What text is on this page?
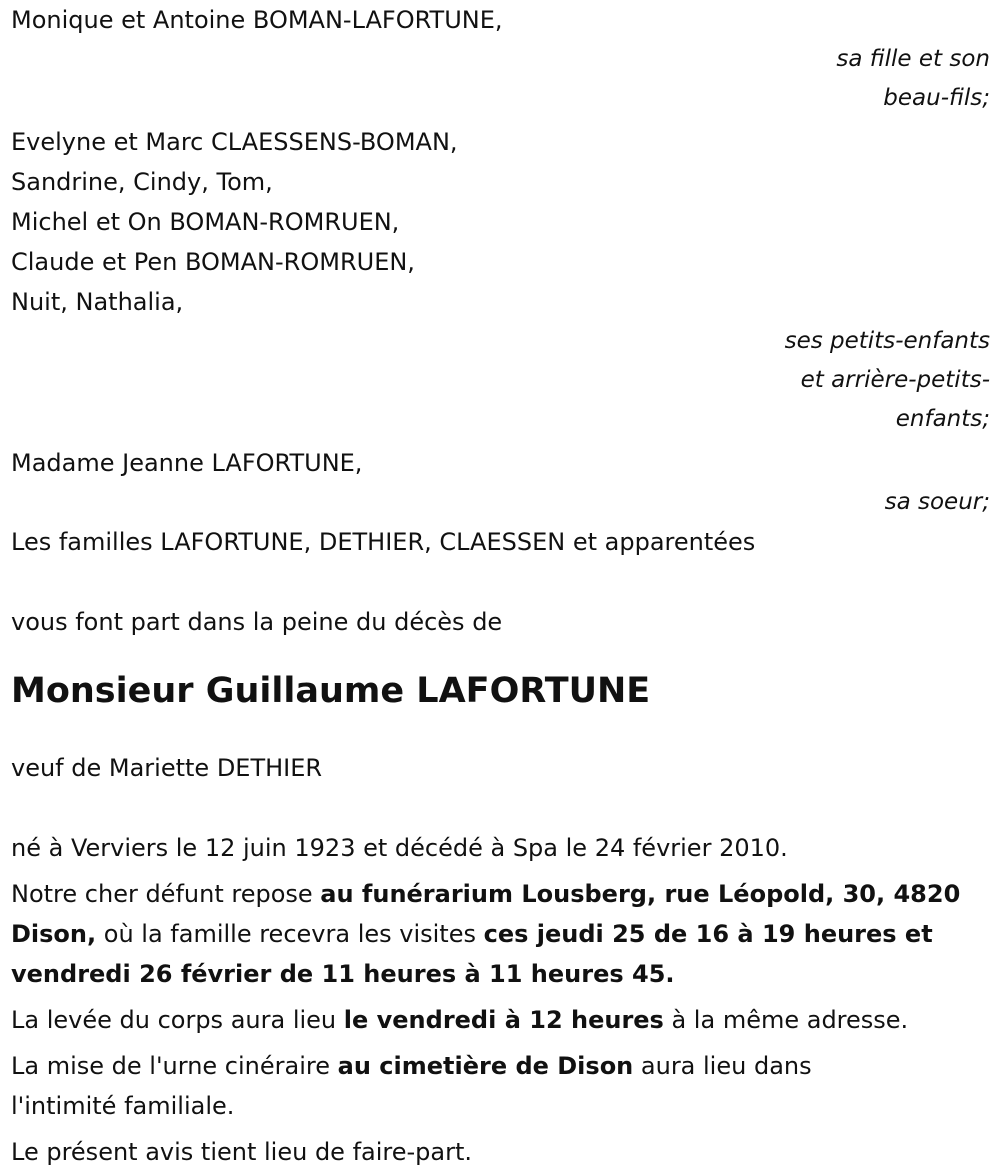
Monique et Antoine BOMAN-LAFORTUNE,
sa fille et son
beau-fils;
Evelyne et Marc CLAESSENS-BOMAN,
Sandrine, Cindy, Tom,
Michel et On BOMAN-ROMRUEN,
Claude et Pen BOMAN-ROMRUEN,
Nuit, Nathalia,
ses petits-enfants
et arrière-petits-
enfants;
Madame Jeanne LAFORTUNE,
sa soeur;
Les familles LAFORTUNE, DETHIER, CLAESSEN et apparentées
vous font part dans la peine du décès de
Monsieur Guillaume LAFORTUNE
veuf de Mariette DETHIER
né à Verviers le 12 juin 1923 et décédé à Spa le 24 février 2010.
Notre cher défunt repose au funérarium Lousberg, rue Léopold, 30, 4820 Dison, où la famille recevra les visites ces jeudi 25 de 16 à 19 heures et vendredi 26 février de 11 heures à 11 heures 45.
La levée du corps aura lieu le vendredi à 12 heures à la même adresse.
La mise de l'urne cinéraire au cimetière de Dison aura lieu dans l'intimité familiale.
Le présent avis tient lieu de faire-part.
